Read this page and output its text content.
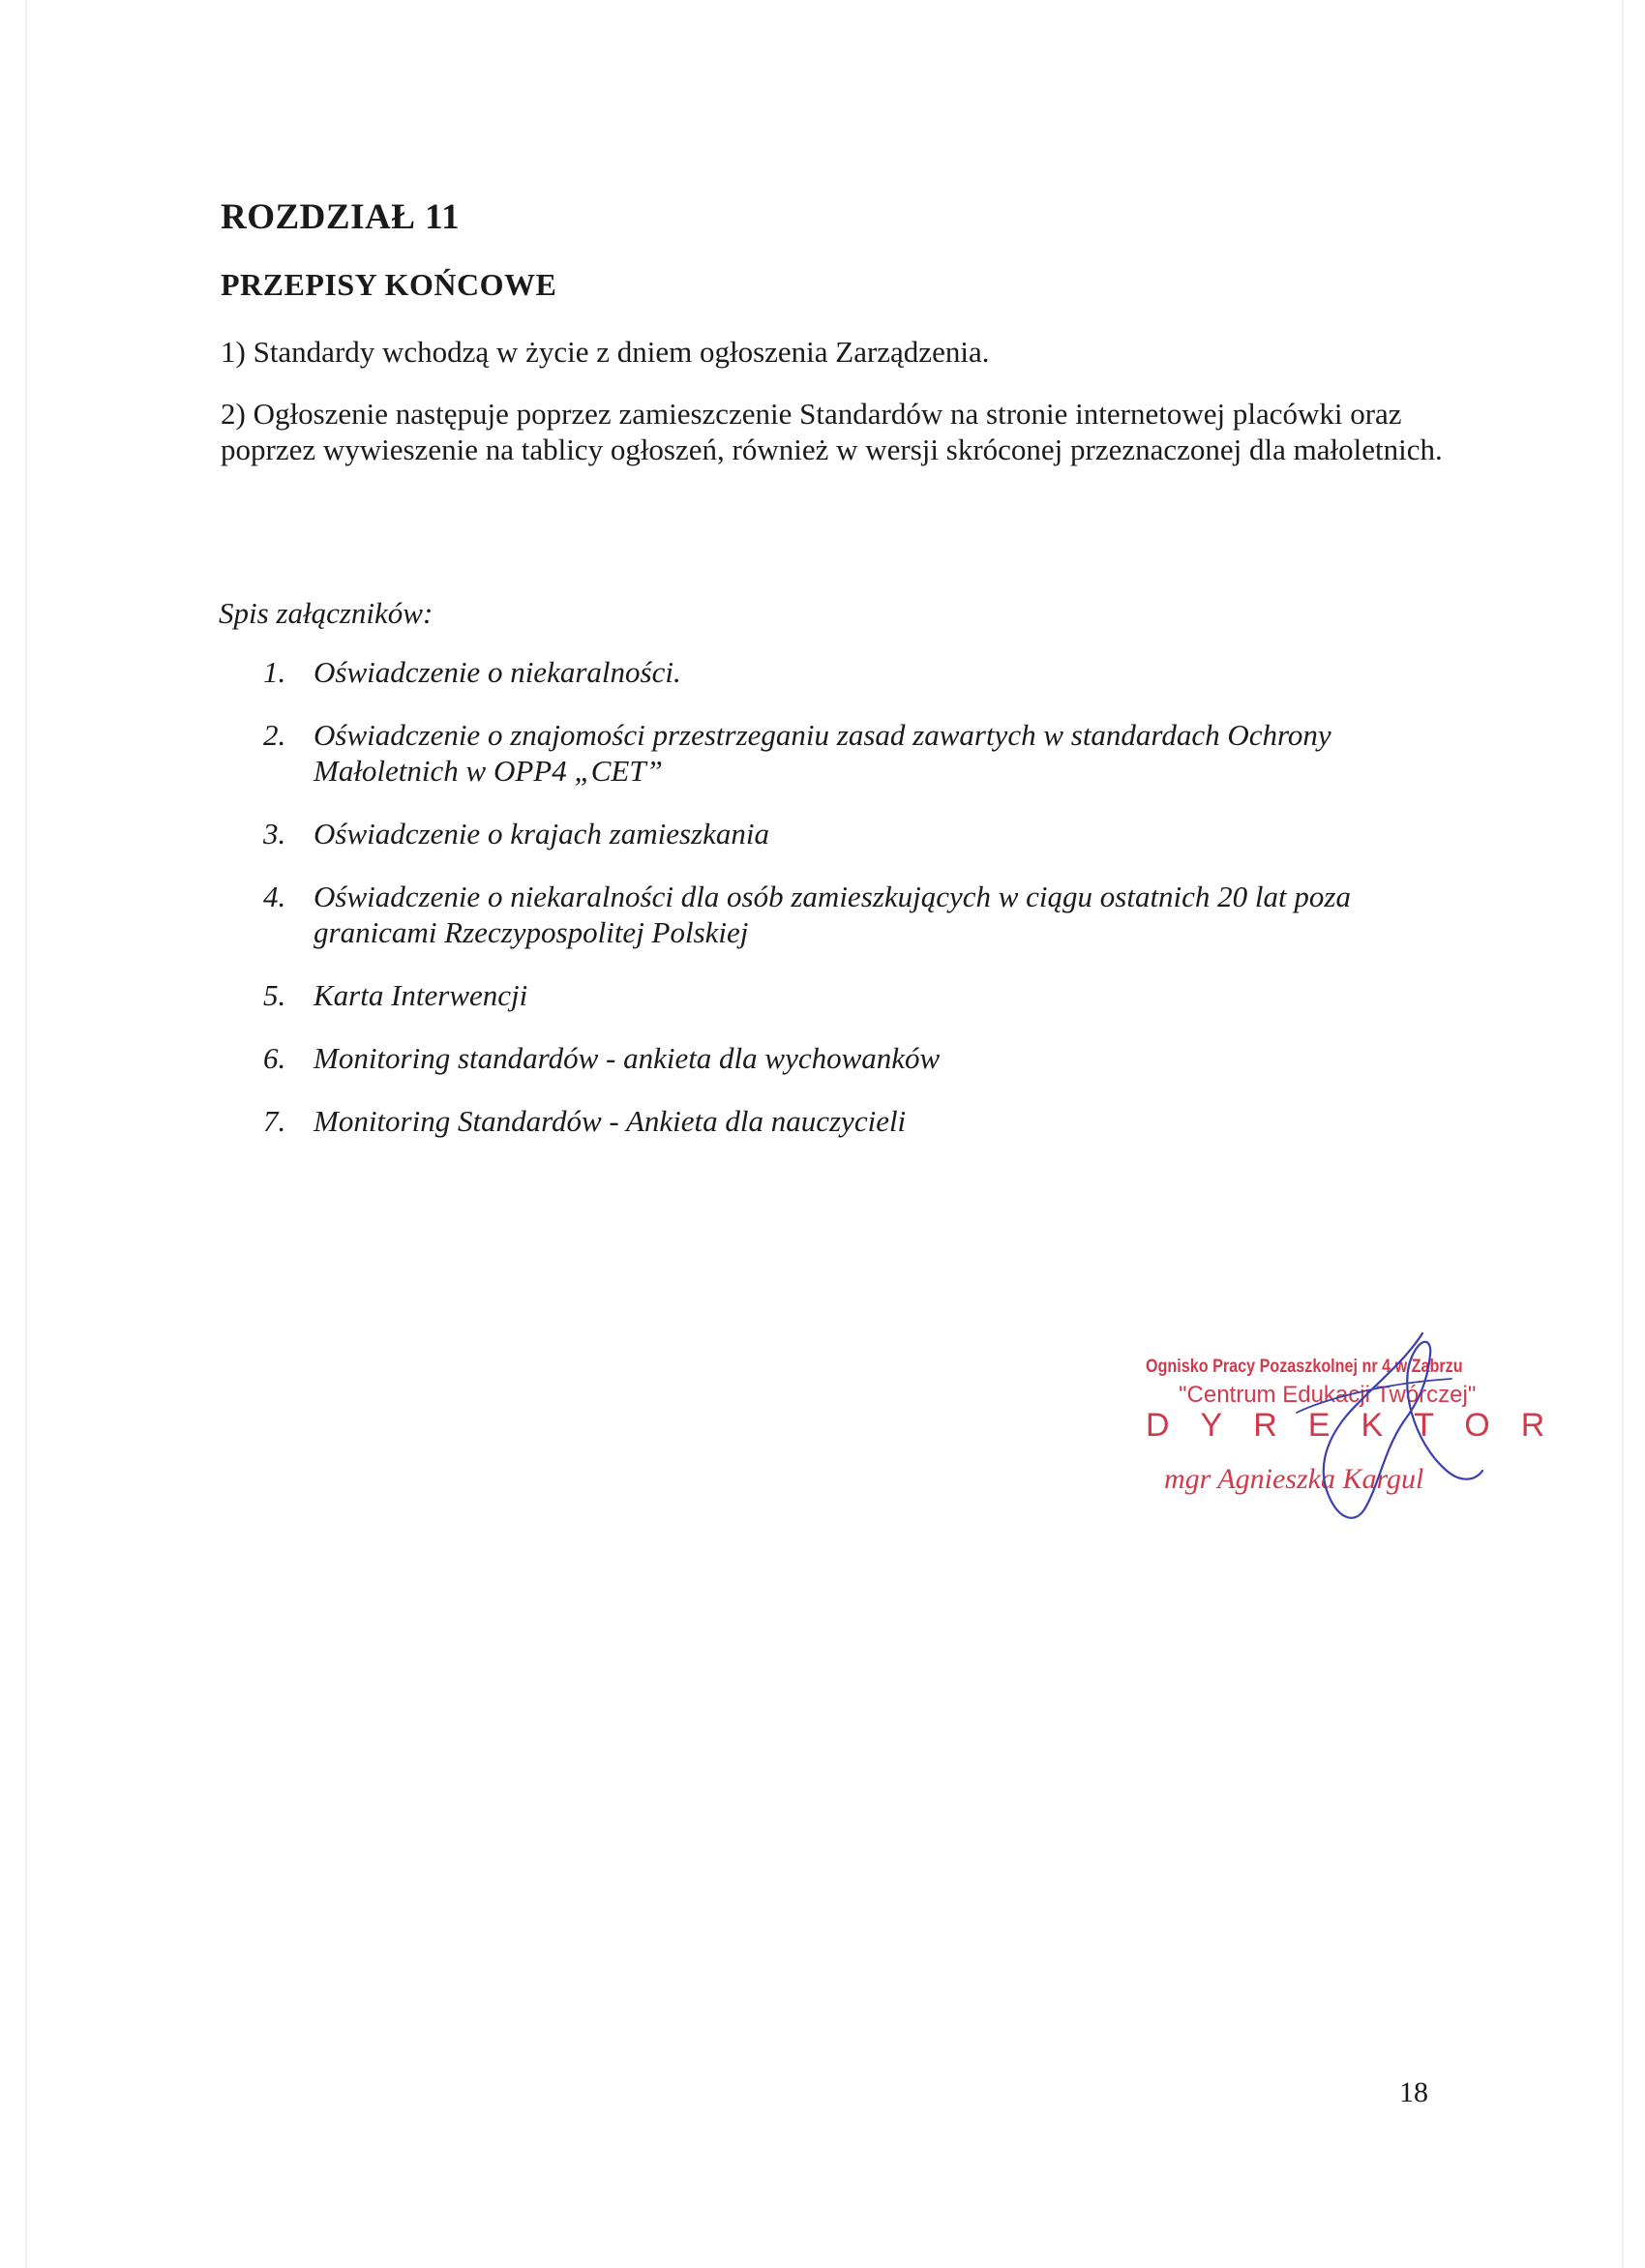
ROZDZIAŁ 11
PRZEPISY KOŃCOWE
1) Standardy wchodzą w życie z dniem ogłoszenia Zarządzenia.
2) Ogłoszenie następuje poprzez zamieszczenie Standardów na stronie internetowej placówki oraz poprzez wywieszenie na tablicy ogłoszeń, również w wersji skróconej przeznaczonej dla małoletnich.
Spis załączników:
1. Oświadczenie o niekaralności.
2. Oświadczenie o znajomości przestrzeganiu zasad zawartych w standardach Ochrony Małoletnich w OPP4 „CET”
3. Oświadczenie o krajach zamieszkania
4. Oświadczenie o niekaralności dla osób zamieszkujących w ciągu ostatnich 20 lat poza granicami Rzeczypospolitej Polskiej
5. Karta Interwencji
6. Monitoring standardów - ankieta dla wychowanków
7. Monitoring Standardów - Ankieta dla nauczycieli
Ognisko Pracy Pozaszkolnej nr 4 w Zabrzu
"Centrum Edukacji Twórczej"
DYREKTOR
mgr Agnieszka Kargul
18
